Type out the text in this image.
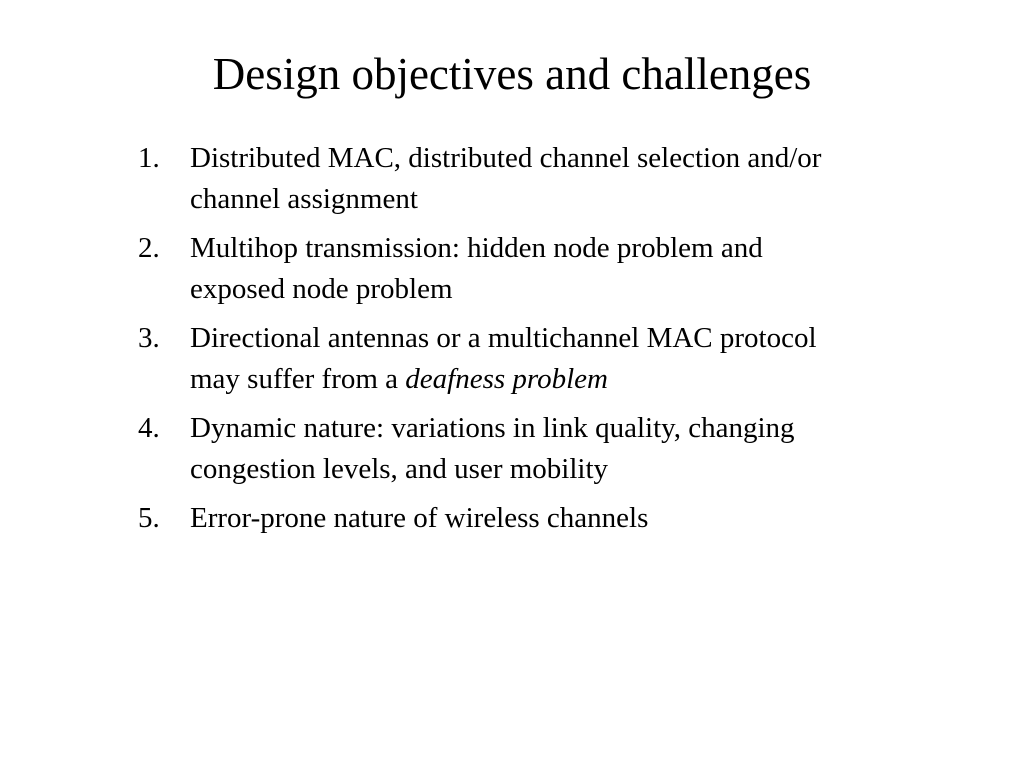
Design objectives and challenges
1.	Distributed MAC, distributed channel selection and/or
channel assignment
2.	Multihop transmission: hidden node problem and
exposed node problem
3.	Directional antennas or a multichannel MAC protocol
may suffer from a deafness problem
4.	Dynamic nature: variations in link quality, changing
congestion levels, and user mobility
5.	Error-prone nature of wireless channels
